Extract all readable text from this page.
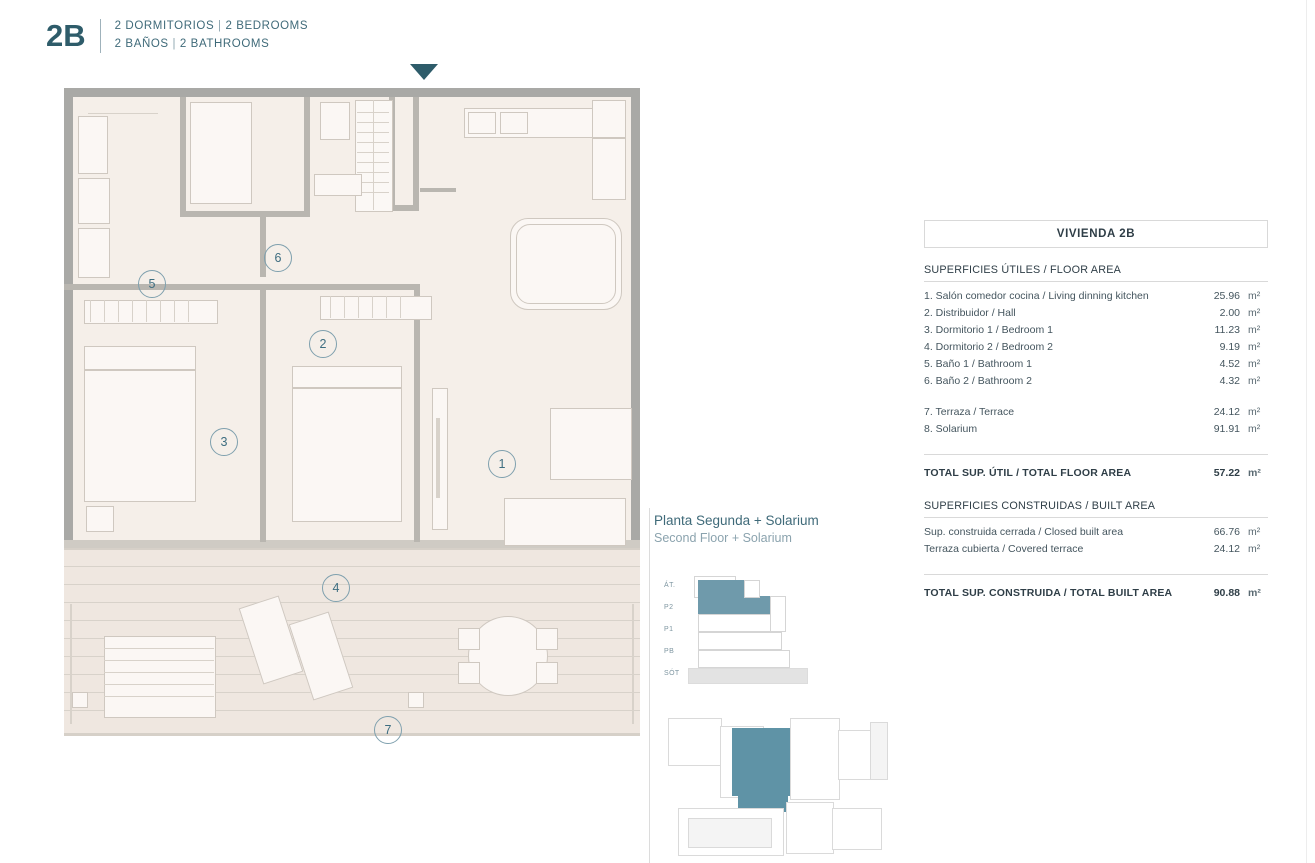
2B	2 DORMITORIOS | 2 BEDROOMS
2 BAÑOS | 2 BATHROOMS
1
2
3
4
5
6
7
Planta Segunda + Solarium
Second Floor + Solarium
ÁT.
P2
P1
PB
SÓT
VIVIENDA 2B
SUPERFICIES ÚTILES / FLOOR AREA
1. Salón comedor cocina / Living dinning kitchen	25.96 m²
2. Distribuidor / Hall	2.00 m²
3. Dormitorio 1 / Bedroom 1	11.23 m²
4. Dormitorio 2 / Bedroom 2	9.19 m²
5. Baño 1 / Bathroom 1	4.52 m²
6. Baño 2 / Bathroom 2	4.32 m²
7. Terraza / Terrace	24.12 m²
8. Solarium	91.91 m²
TOTAL SUP. ÚTIL / TOTAL FLOOR AREA	57.22 m²
SUPERFICIES CONSTRUIDAS / BUILT AREA
Sup. construida cerrada / Closed built area	66.76 m²
Terraza cubierta / Covered terrace	24.12 m²
TOTAL SUP. CONSTRUIDA / TOTAL BUILT AREA	90.88 m²
